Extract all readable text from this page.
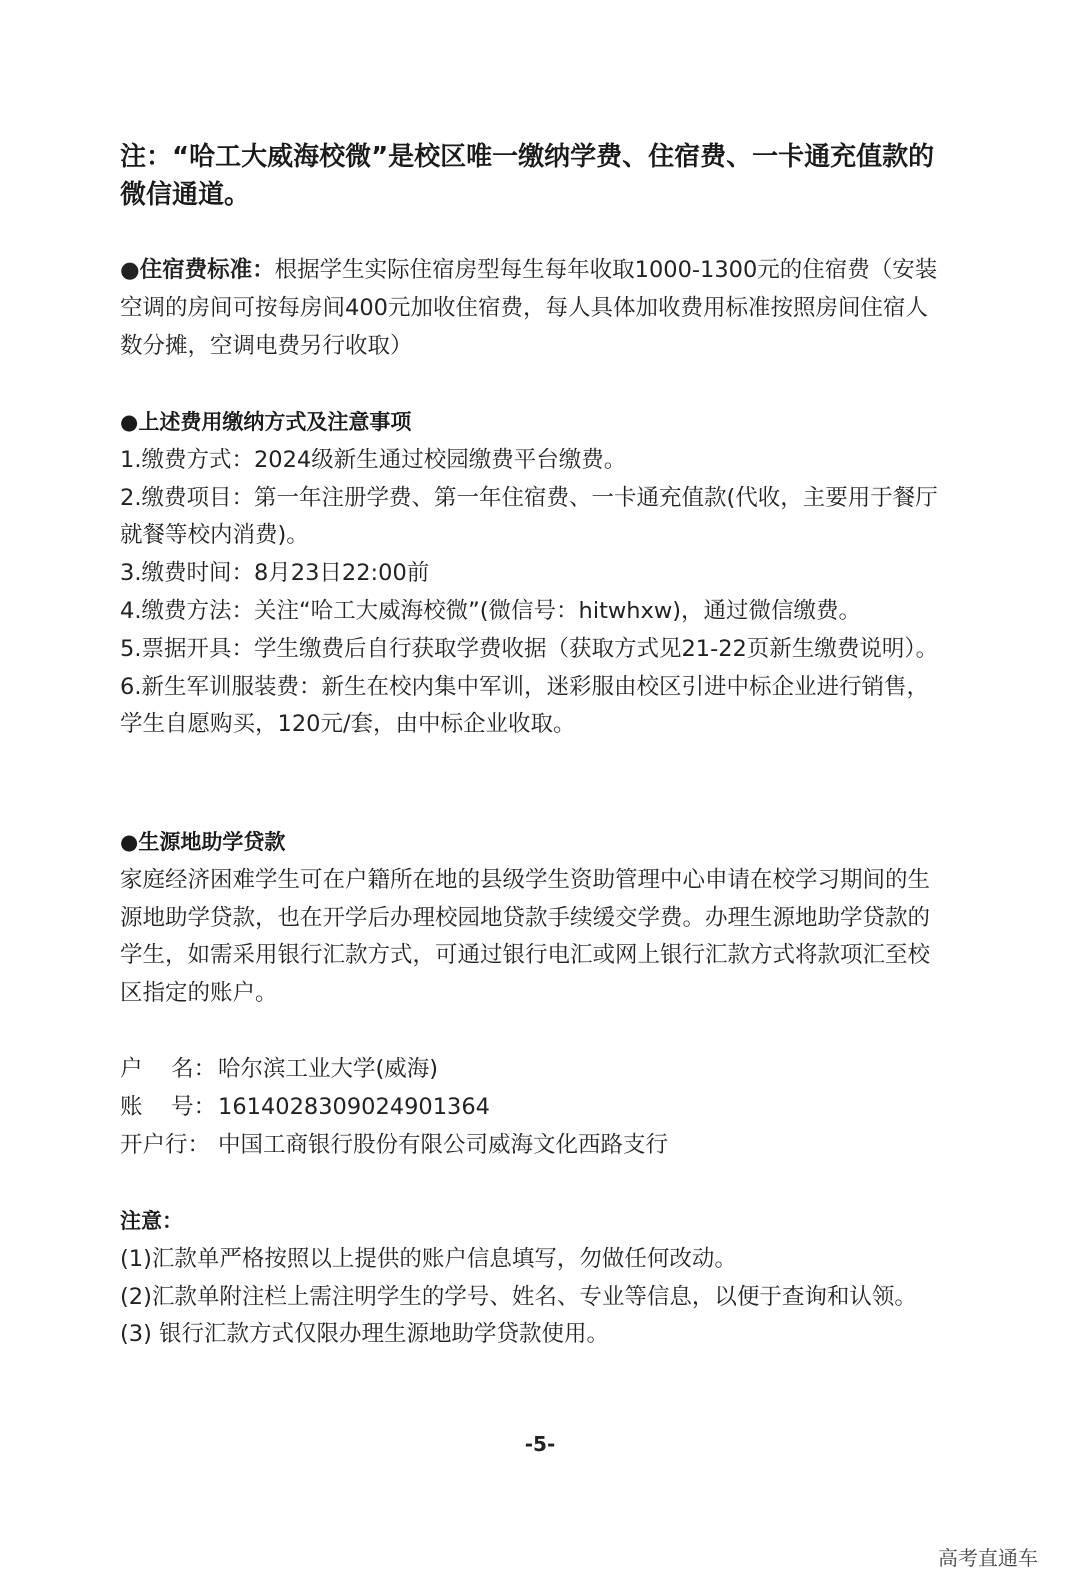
注：“哈工大威海校微”是校区唯一缴纳学费、住宿费、一卡通充值款的微信通道。

●住宿费标准：根据学生实际住宿房型每生每年收取1000-1300元的住宿费（安装空调的房间可按每房间400元加收住宿费，每人具体加收费用标准按照房间住宿人数分摊，空调电费另行收取）

●上述费用缴纳方式及注意事项

1.缴费方式：2024级新生通过校园缴费平台缴费。

2.缴费项目：第一年注册学费、第一年住宿费、一卡通充值款(代收，主要用于餐厅就餐等校内消费)。

3.缴费时间：8月23日22:00前

4.缴费方法：关注“哈工大威海校微”(微信号：hitwhxw)，通过微信缴费。

5.票据开具：学生缴费后自行获取学费收据（获取方式见21-22页新生缴费说明）。

6.新生军训服装费：新生在校内集中军训，迷彩服由校区引进中标企业进行销售，学生自愿购买，120元/套，由中标企业收取。

●生源地助学贷款

家庭经济困难学生可在户籍所在地的县级学生资助管理中心申请在校学习期间的生源地助学贷款，也在开学后办理校园地贷款手续缓交学费。办理生源地助学贷款的学生，如需采用银行汇款方式，可通过银行电汇或网上银行汇款方式将款项汇至校区指定的账户。

户    名： 哈尔滨工业大学(威海)
账    号： 1614028309024901364
开户行： 中国工商银行股份有限公司威海文化西路支行
注意：

(1)汇款单严格按照以上提供的账户信息填写，勿做任何改动。

(2)汇款单附注栏上需注明学生的学号、姓名、专业等信息，以便于查询和认领。

(3) 银行汇款方式仅限办理生源地助学贷款使用。

-5-
高考直通车
